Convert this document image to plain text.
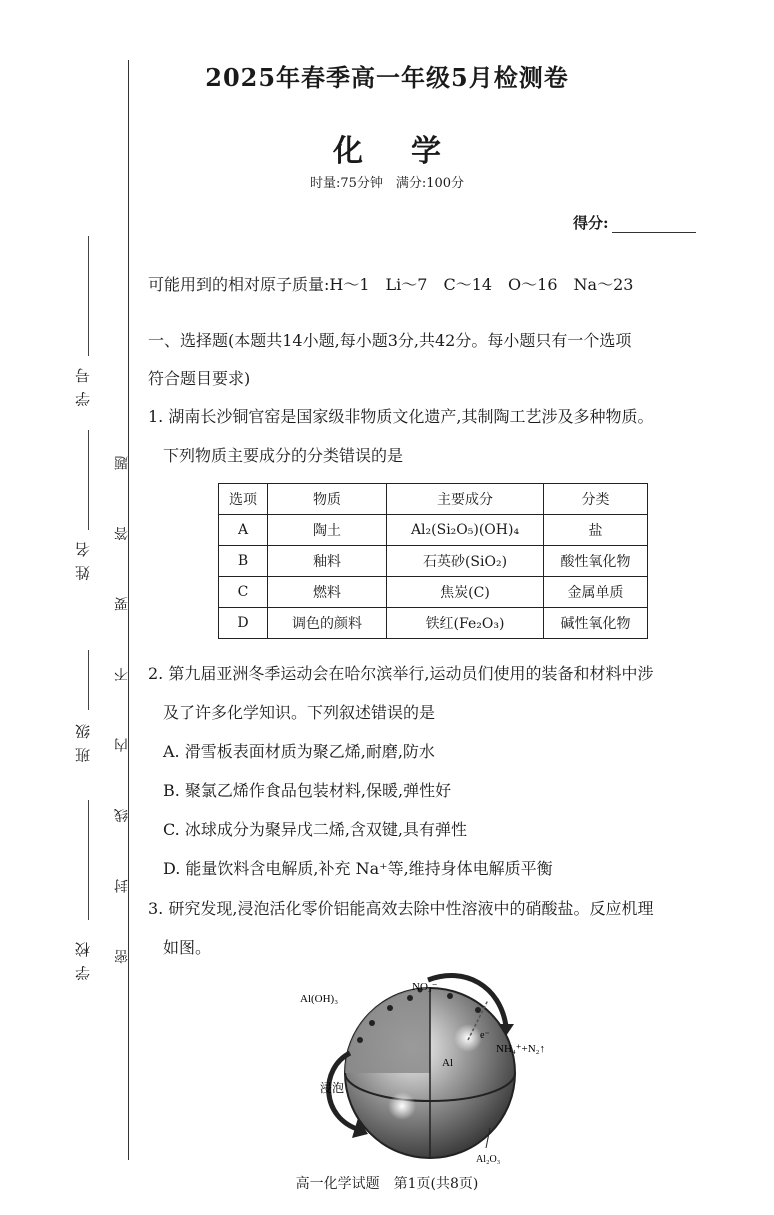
学 校
班 级
姓 名
学 号
密 封 线 内 不 要 答 题
2025年春季高一年级5月检测卷
化学
时量:75分钟　满分:100分
得分:
可能用到的相对原子质量:H～1　Li～7　C～14　O～16　Na～23
一、选择题(本题共14小题,每小题3分,共42分。每小题只有一个选项
符合题目要求)
1. 湖南长沙铜官窑是国家级非物质文化遗产,其制陶工艺涉及多种物质。
下列物质主要成分的分类错误的是
选项	物质	主要成分	分类
A	陶土	Al₂(Si₂O₅)(OH)₄	盐
B	釉料	石英砂(SiO₂)	酸性氧化物
C	燃料	焦炭(C)	金属单质
D	调色的颜料	铁红(Fe₂O₃)	碱性氧化物
2. 第九届亚洲冬季运动会在哈尔滨举行,运动员们使用的装备和材料中涉
及了许多化学知识。下列叙述错误的是
A. 滑雪板表面材质为聚乙烯,耐磨,防水
B. 聚氯乙烯作食品包装材料,保暖,弹性好
C. 冰球成分为聚异戊二烯,含双键,具有弹性
D. 能量饮料含电解质,补充 Na⁺等,维持身体电解质平衡
3. 研究发现,浸泡活化零价铝能高效去除中性溶液中的硝酸盐。反应机理
如图。
Al(OH)₃
NO₃⁻
e⁻
Al
NH₄⁺+N₂↑
浸泡
Al₂O₃
高一化学试题　第1页(共8页)
